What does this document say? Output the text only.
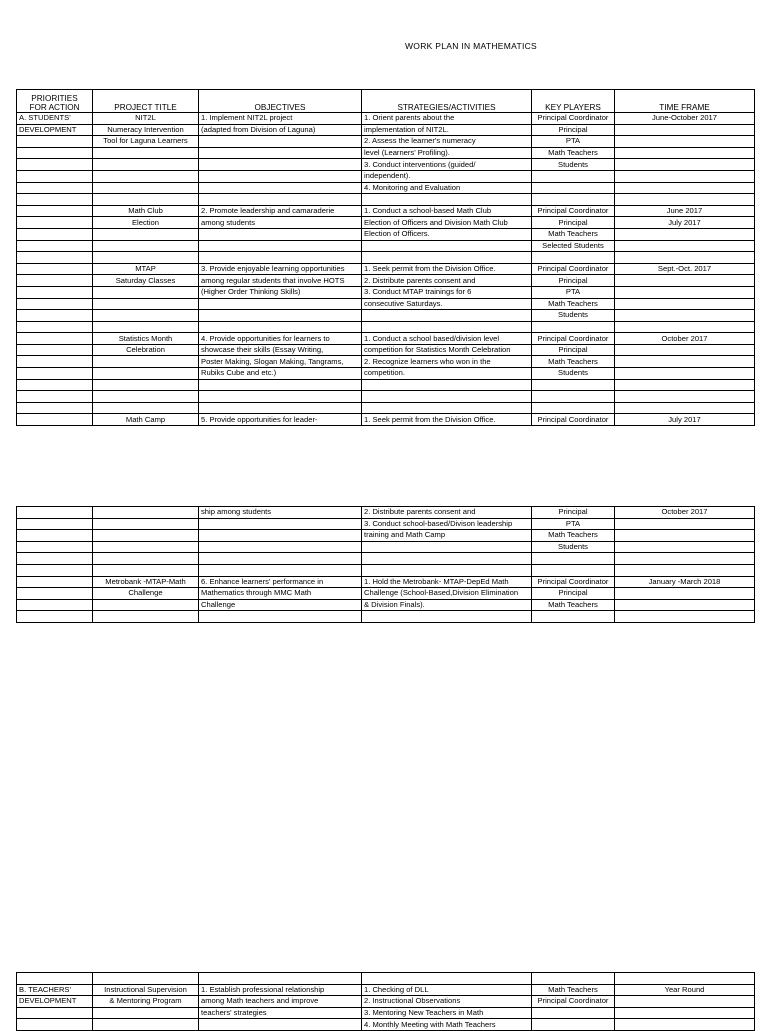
WORK PLAN IN MATHEMATICS
PRIORITIES
FOR ACTION	PROJECT TITLE	OBJECTIVES	STRATEGIES/ACTIVITIES	KEY PLAYERS	TIME FRAME
A. STUDENTS'	NIT2L	1. Implement NIT2L project	1. Orient parents about the	Principal Coordinator	June-October 2017
DEVELOPMENT	Numeracy Intervention	(adapted from Division of Laguna)	implementation of NIT2L.	Principal	
	Tool for Laguna Learners		2. Assess the learner's numeracy	PTA	
			level (Learners' Profiling).	Math Teachers	
			3. Conduct interventions (guided/	Students	
			independent).		
			4. Monitoring and Evaluation		

	Math Club	2. Promote leadership and camaraderie	1. Conduct a school-based Math Club	Principal Coordinator	June 2017
	Election	among students	Election of Officers and Division Math Club	Principal	July 2017
			Election of Officers.	Math Teachers	
				Selected Students	

	MTAP	3. Provide enjoyable learning opportunities	1. Seek permit from the Division Office.	Principal Coordinator	Sept.-Oct. 2017
	Saturday Classes	among regular students that involve HOTS	2. Distribute parents consent and	Principal	
		(Higher Order Thinking Skills)	3. Conduct MTAP trainings for 6	PTA	
			consecutive Saturdays.	Math Teachers	
				Students	

	Statistics Month	4. Provide opportunities for learners to	1. Conduct a school based/division level	Principal Coordinator	October 2017
	Celebration	showcase their skills (Essay Writing,	competition for Statistics Month Celebration	Principal	
		Poster Making, Slogan Making, Tangrams,	2. Recognize learners who won in the	Math Teachers	
		Rubiks Cube and etc.)	competition.	Students	

	Math Camp	5. Provide opportunities for leader-	1. Seek permit from the Division Office.	Principal Coordinator	July 2017
		ship among students	2. Distribute parents consent and	Principal	October 2017
			3. Conduct school-based/Divison leadership	PTA	
			training and Math Camp	Math Teachers	
				Students	

	Metrobank -MTAP-Math	6. Enhance learners' performance in	1. Hold the Metrobank- MTAP-DepEd Math	Principal Coordinator	January -March 2018
	Challenge	Mathematics through MMC Math	Challenge (School-Based,Division Elimination	Principal	
		Challenge	& Division Finals).	Math Teachers	

B. TEACHERS'	Instructional Supervision	1. Establish professional relationship	1. Checking of DLL	Math Teachers	Year Round
DEVELOPMENT	& Mentoring Program	among Math teachers and improve	2. Instructional Observations	Principal Coordinator	
		teachers' strategies	3. Mentoring New Teachers in Math		
			4. Monthly Meeting with Math Teachers		
